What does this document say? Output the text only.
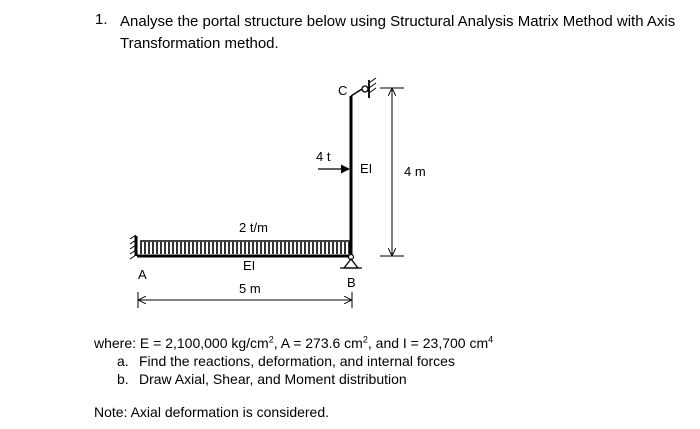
1. Analyse the portal structure below using Structural Analysis Matrix Method with Axis Transformation method.
4 t
2 t/m
EI
EI
A
B
C
5 m
4 m
where: E = 2,100,000 $kg/cm^2$, A = 273.6 $cm^2$, and I = 23,700 $cm^4$
a. Find the reactions, deformation, and internal forces
b. Draw Axial, Shear, and Moment distribution
Note: Axial deformation is considered.
